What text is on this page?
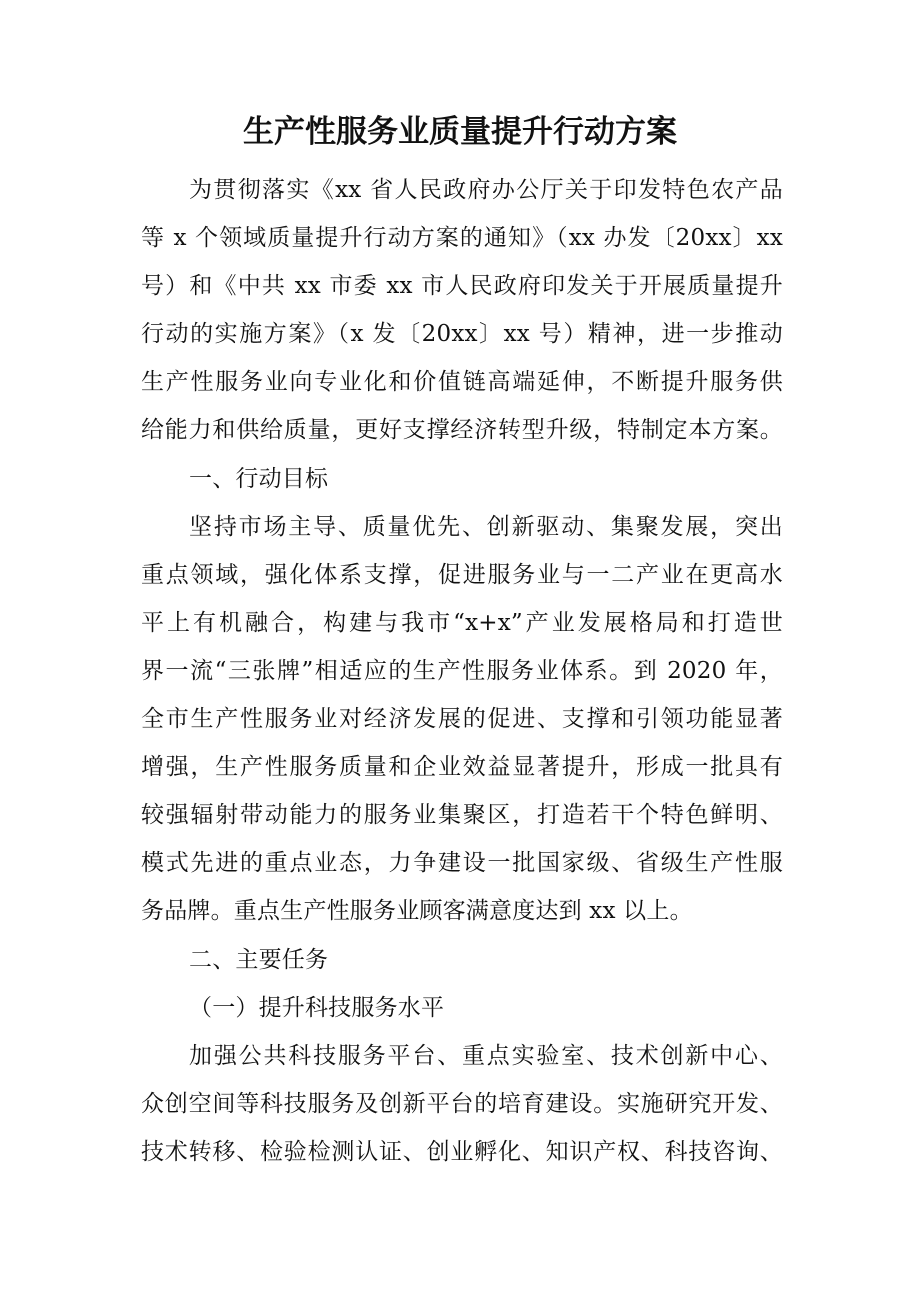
生产性服务业质量提升行动方案
为贯彻落实《xx 省人民政府办公厅关于印发特色农产品
等 x 个领域质量提升行动方案的通知》（xx 办发〔20xx〕xx
号）和《中共 xx 市委 xx 市人民政府印发关于开展质量提升
行动的实施方案》（x 发〔20xx〕xx 号）精神，进一步推动
生产性服务业向专业化和价值链高端延伸，不断提升服务供
给能力和供给质量，更好支撑经济转型升级，特制定本方案。
一、行动目标
坚持市场主导、质量优先、创新驱动、集聚发展，突出
重点领域，强化体系支撑，促进服务业与一二产业在更高水
平上有机融合，构建与我市“x+x”产业发展格局和打造世
界一流“三张牌”相适应的生产性服务业体系。到 2020 年，
全市生产性服务业对经济发展的促进、支撑和引领功能显著
增强，生产性服务质量和企业效益显著提升，形成一批具有
较强辐射带动能力的服务业集聚区，打造若干个特色鲜明、
模式先进的重点业态，力争建设一批国家级、省级生产性服
务品牌。重点生产性服务业顾客满意度达到 xx 以上。
二、主要任务
（一）提升科技服务水平
加强公共科技服务平台、重点实验室、技术创新中心、
众创空间等科技服务及创新平台的培育建设。实施研究开发、
技术转移、检验检测认证、创业孵化、知识产权、科技咨询、
